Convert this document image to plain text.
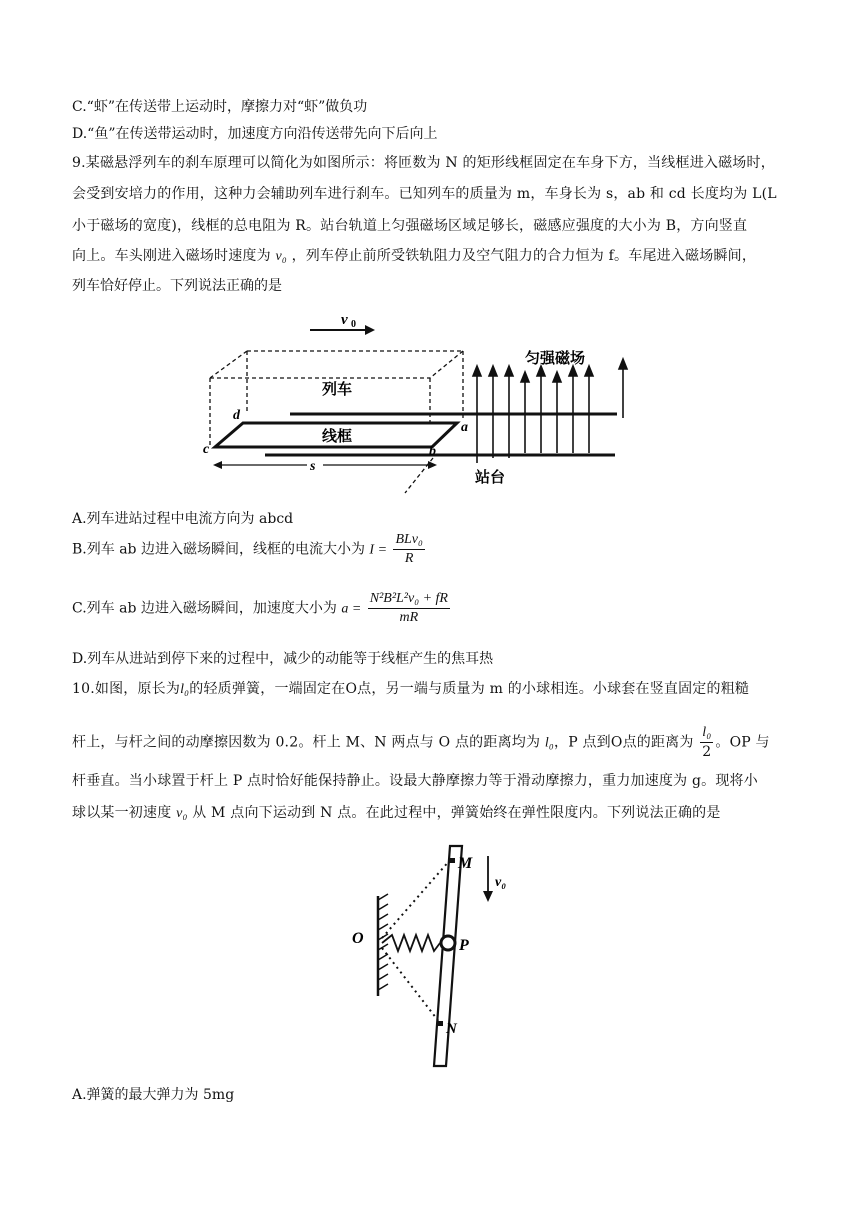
C.“虾”在传送带上运动时，摩擦力对“虾”做负功
D.“鱼”在传送带运动时，加速度方向沿传送带先向下后向上
9.某磁悬浮列车的刹车原理可以简化为如图所示：将匝数为 N 的矩形线框固定在车身下方，当线框进入磁场时，
会受到安培力的作用，这种力会辅助列车进行刹车。已知列车的质量为 m，车身长为 s，ab 和 cd 长度均为 L(L
小于磁场的宽度)，线框的总电阻为 R。站台轨道上匀强磁场区域足够长，磁感应强度的大小为 B，方向竖直
向上。车头刚进入磁场时速度为 v₀ ，列车停止前所受铁轨阻力及空气阻力的合力恒为 f。车尾进入磁场瞬间，
列车恰好停止。下列说法正确的是
v 0
列车
线框
d
c
a
b
s
匀强磁场
站台
A.列车进站过程中电流方向为 abcd
B.列车 ab 边进入磁场瞬间，线框的电流大小为 $I = \frac{\text{BLv₀}}{R}$
C.列车 ab 边进入磁场瞬间，加速度大小为 $a = \frac{\text{N²B²L²v₀ + fR}}{mR}$
D.列车从进站到停下来的过程中，减少的动能等于线框产生的焦耳热
10.如图，原长为l₀的轻质弹簧，一端固定在O点，另一端与质量为 m 的小球相连。小球套在竖直固定的粗糙
杆上，与杆之间的动摩擦因数为 0.2。杆上 M、N 两点与 O 点的距离均为 l₀，P 点到O点的距离为 $\frac{\text{l₀}}{2}$ 。OP 与
杆垂直。当小球置于杆上 P 点时恰好能保持静止。设最大静摩擦力等于滑动摩擦力，重力加速度为 g。现将小
球以某一初速度 v₀ 从 M 点向下运动到 N 点。在此过程中，弹簧始终在弹性限度内。下列说法正确的是
O
M
P
N
v₀
A.弹簧的最大弹力为 5mg
